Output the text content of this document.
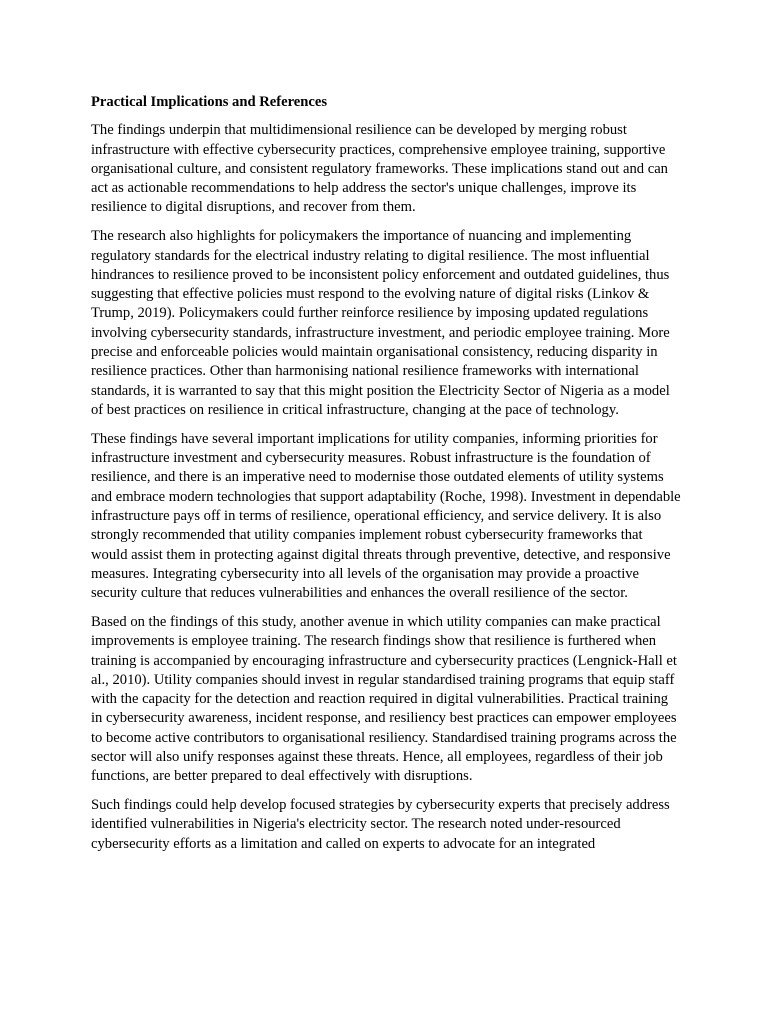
Practical Implications and References

The findings underpin that multidimensional resilience can be developed by merging robust infrastructure with effective cybersecurity practices, comprehensive employee training, supportive organisational culture, and consistent regulatory frameworks. These implications stand out and can act as actionable recommendations to help address the sector's unique challenges, improve its resilience to digital disruptions, and recover from them.

The research also highlights for policymakers the importance of nuancing and implementing regulatory standards for the electrical industry relating to digital resilience. The most influential hindrances to resilience proved to be inconsistent policy enforcement and outdated guidelines, thus suggesting that effective policies must respond to the evolving nature of digital risks (Linkov & Trump, 2019). Policymakers could further reinforce resilience by imposing updated regulations involving cybersecurity standards, infrastructure investment, and periodic employee training. More precise and enforceable policies would maintain organisational consistency, reducing disparity in resilience practices. Other than harmonising national resilience frameworks with international standards, it is warranted to say that this might position the Electricity Sector of Nigeria as a model of best practices on resilience in critical infrastructure, changing at the pace of technology.

These findings have several important implications for utility companies, informing priorities for infrastructure investment and cybersecurity measures. Robust infrastructure is the foundation of resilience, and there is an imperative need to modernise those outdated elements of utility systems and embrace modern technologies that support adaptability (Roche, 1998). Investment in dependable infrastructure pays off in terms of resilience, operational efficiency, and service delivery. It is also strongly recommended that utility companies implement robust cybersecurity frameworks that would assist them in protecting against digital threats through preventive, detective, and responsive measures. Integrating cybersecurity into all levels of the organisation may provide a proactive security culture that reduces vulnerabilities and enhances the overall resilience of the sector.

Based on the findings of this study, another avenue in which utility companies can make practical improvements is employee training. The research findings show that resilience is furthered when training is accompanied by encouraging infrastructure and cybersecurity practices (Lengnick-Hall et al., 2010). Utility companies should invest in regular standardised training programs that equip staff with the capacity for the detection and reaction required in digital vulnerabilities. Practical training in cybersecurity awareness, incident response, and resiliency best practices can empower employees to become active contributors to organisational resiliency. Standardised training programs across the sector will also unify responses against these threats. Hence, all employees, regardless of their job functions, are better prepared to deal effectively with disruptions.

Such findings could help develop focused strategies by cybersecurity experts that precisely address identified vulnerabilities in Nigeria's electricity sector. The research noted under-resourced cybersecurity efforts as a limitation and called on experts to advocate for an integrated
